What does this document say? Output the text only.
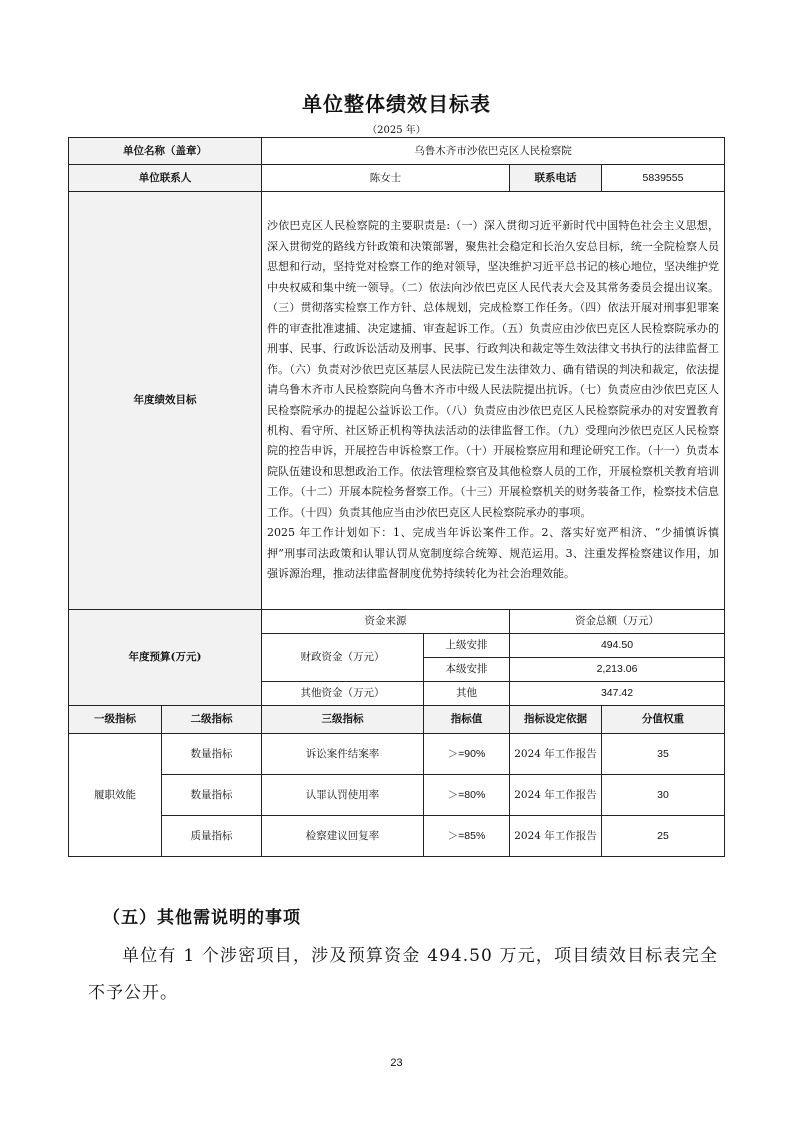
单位整体绩效目标表
（2025 年）
单位名称（盖章）		乌鲁木齐市沙依巴克区人民检察院			
单位联系人		陈女士		联系电话	5839555
年度绩效目标		沙依巴克区人民检察院的主要职责是:（一）深入贯彻习近平新时代中国特色社会主义思想，深入贯彻党的路线方针政策和决策部署，聚焦社会稳定和长治久安总目标，统一全院检察人员思想和行动，坚持党对检察工作的绝对领导，坚决维护习近平总书记的核心地位，坚决维护党中央权威和集中统一领导。（二）依法向沙依巴克区人民代表大会及其常务委员会提出议案。（三）贯彻落实检察工作方针、总体规划，完成检察工作任务。（四）依法开展对刑事犯罪案件的审查批准逮捕、决定逮捕、审查起诉工作。（五）负责应由沙依巴克区人民检察院承办的刑事、民事、行政诉讼活动及刑事、民事、行政判决和裁定等生效法律文书执行的法律监督工作。（六）负责对沙依巴克区基层人民法院已发生法律效力、确有错误的判决和裁定，依法提请乌鲁木齐市人民检察院向乌鲁木齐市中级人民法院提出抗诉。（七）负责应由沙依巴克区人民检察院承办的提起公益诉讼工作。（八）负责应由沙依巴克区人民检察院承办的对安置教育机构、看守所、社区矫正机构等执法活动的法律监督工作。（九）受理向沙依巴克区人民检察院的控告申诉，开展控告申诉检察工作。（十）开展检察应用和理论研究工作。（十一）负责本院队伍建设和思想政治工作。依法管理检察官及其他检察人员的工作，开展检察机关教育培训工作。（十二）开展本院检务督察工作。（十三）开展检察机关的财务装备工作，检察技术信息工作。（十四）负责其他应当由沙依巴克区人民检察院承办的事项。
2025 年工作计划如下：1、完成当年诉讼案件工作。2、落实好宽严相济、“少捕慎诉慎押”刑事司法政策和认罪认罚从宽制度综合统筹、规范运用。3、注重发挥检察建议作用，加强诉源治理，推动法律监督制度优势持续转化为社会治理效能。			
年度预算(万元)		资金来源		资金总额（万元）	
		财政资金（万元）	上级安排	494.50	
			本级安排	2,213.06	
		其他资金（万元）	其他	347.42	
一级指标	二级指标	三级指标	指标值	指标设定依据	分值权重
履职效能	数量指标	诉讼案件结案率	＞=90%	2024 年工作报告	35
	数量指标	认罪认罚使用率	＞=80%	2024 年工作报告	30
	质量指标	检察建议回复率	＞=85%	2024 年工作报告	25
（五）其他需说明的事项
单位有 1 个涉密项目，涉及预算资金 494.50 万元，项目绩效目标表完全不予公开。
23
